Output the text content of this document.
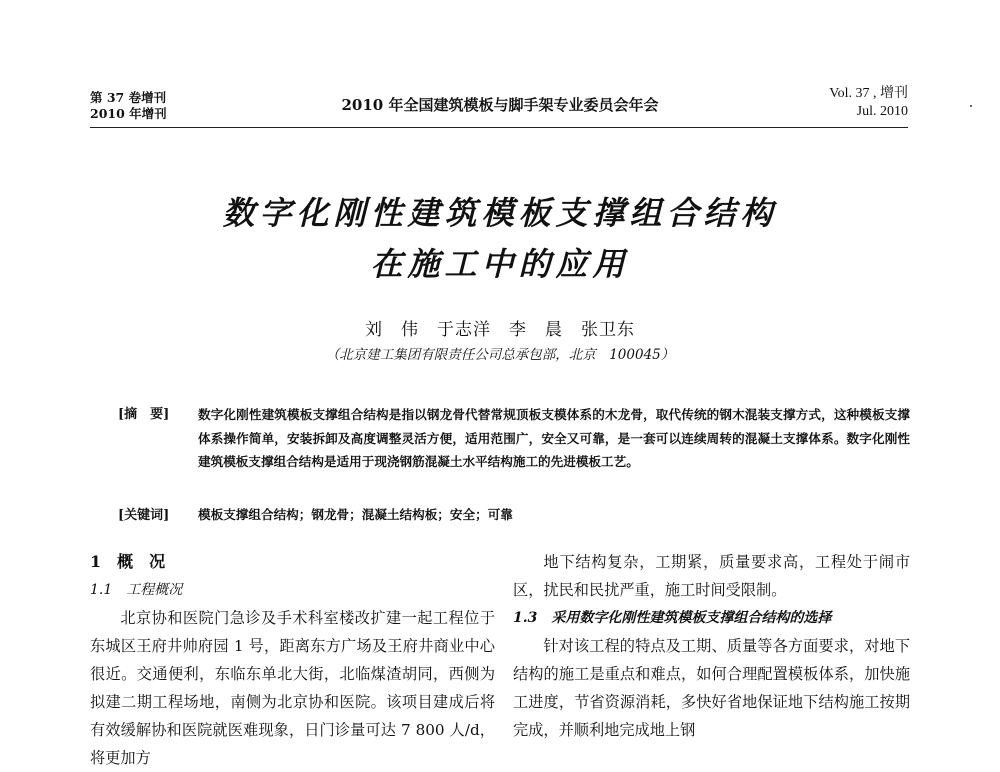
第 37 卷增刊
2010 年增刊	2010 年全国建筑模板与脚手架专业委员会年会
Vol. 37 , 增刊
Jul. 2010
数字化刚性建筑模板支撑组合结构
在施工中的应用
刘　伟　于志洋　李　晨　张卫东
（北京建工集团有限责任公司总承包部，北京　100045）
[摘　要] 数字化刚性建筑模板支撑组合结构是指以钢龙骨代替常规顶板支模体系的木龙骨，取代传统的钢木混装支撑方式，这种模板支撑体系操作简单，安装拆卸及高度调整灵活方便，适用范围广，安全又可靠，是一套可以连续周转的混凝土支撑体系。数字化刚性建筑模板支撑组合结构是适用于现浇钢筋混凝土水平结构施工的先进模板工艺。
[关键词] 模板支撑组合结构；钢龙骨；混凝土结构板；安全；可靠

1　概　况

1.1　工程概况

北京协和医院门急诊及手术科室楼改扩建一起工程位于东城区王府井帅府园 1 号，距离东方广场及王府井商业中心很近。交通便利，东临东单北大街，北临煤渣胡同，西侧为拟建二期工程场地，南侧为北京协和医院。该项目建成后将有效缓解协和医院就医难现象，日门诊量可达 7 800 人/d，将更加方

地下结构复杂，工期紧，质量要求高，工程处于闹市区，扰民和民扰严重，施工时间受限制。

1.3　采用数字化刚性建筑模板支撑组合结构的选择

针对该工程的特点及工期、质量等各方面要求，对地下结构的施工是重点和难点，如何合理配置模板体系，加快施工进度，节省资源消耗，多快好省地保证地下结构施工按期完成，并顺利地完成地上钢
